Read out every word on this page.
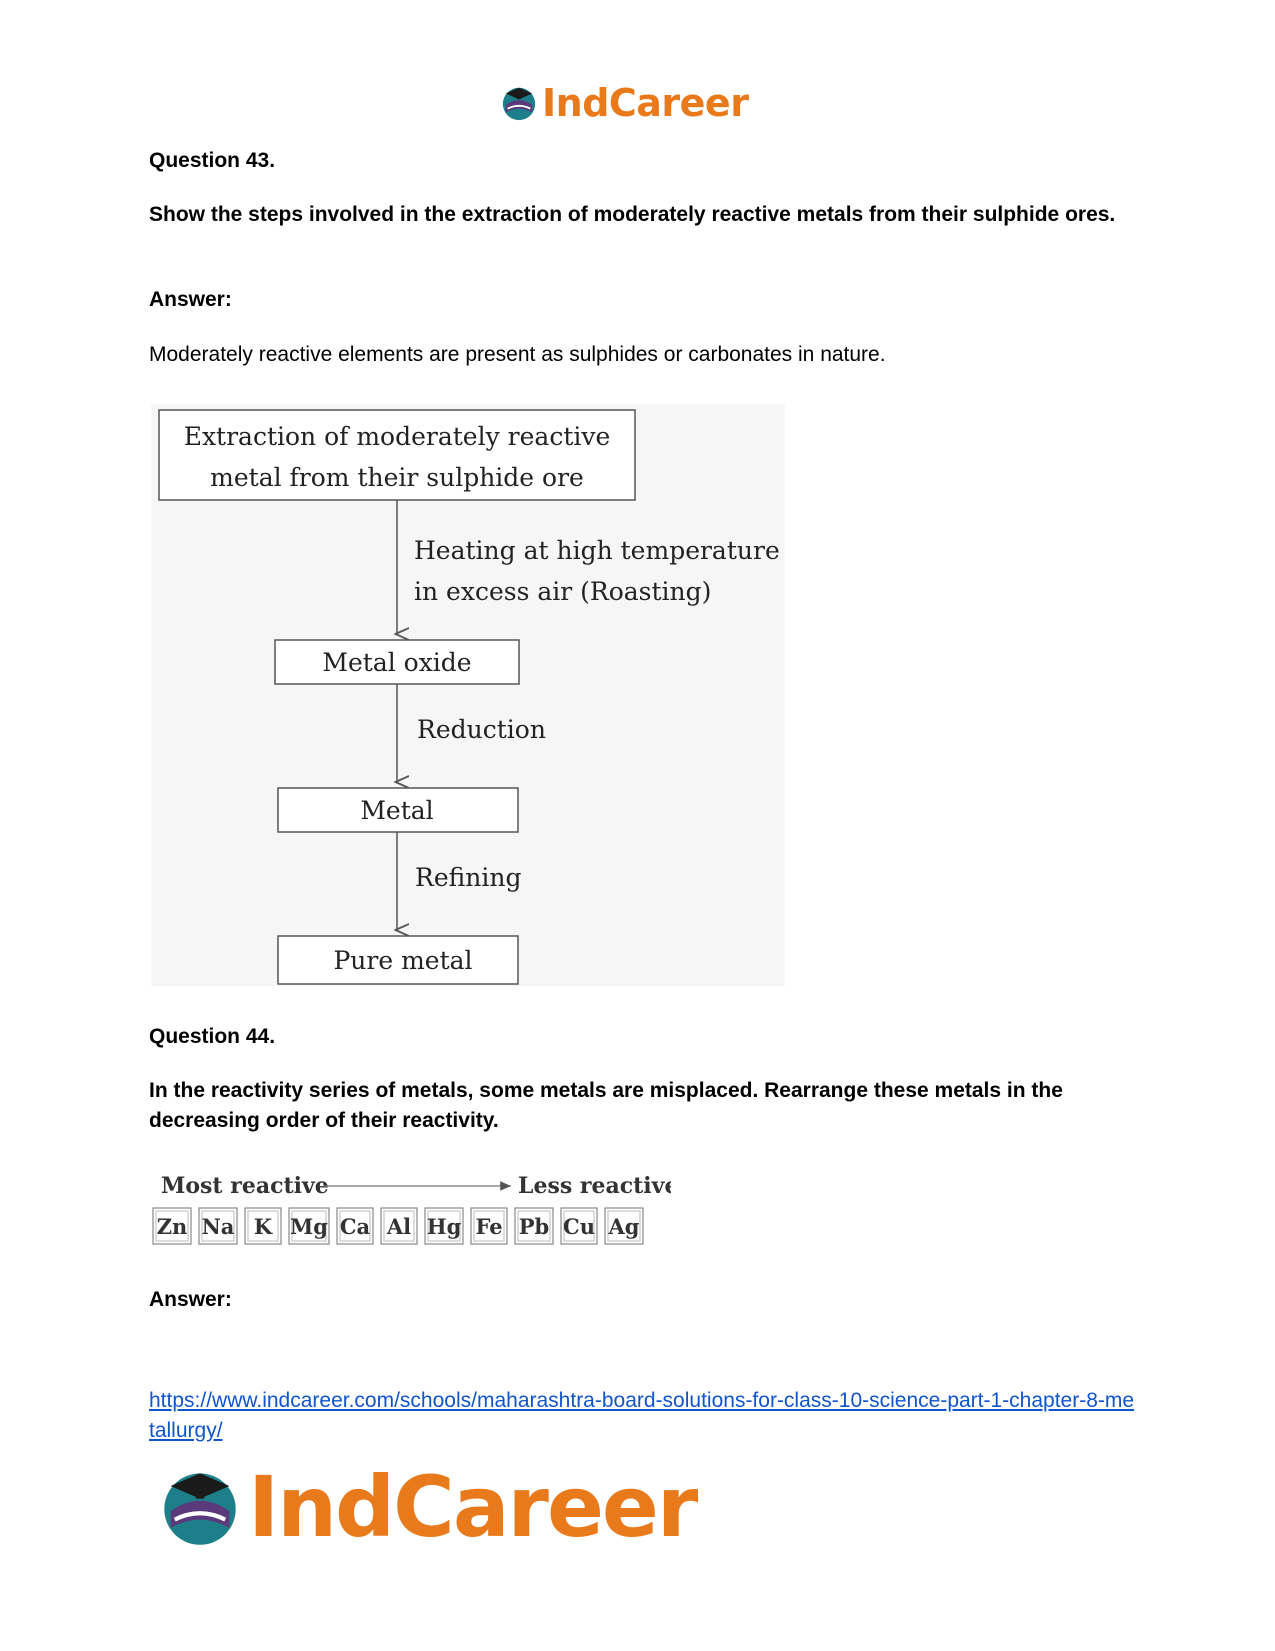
IndCareer
Question 43.
Show the steps involved in the extraction of moderately reactive metals from their sulphide ores.
Answer:
Moderately reactive elements are present as sulphides or carbonates in nature.
Extraction of moderately reactive
metal from their sulphide ore
Heating at high temperature
in excess air (Roasting)
Metal oxide
Reduction
Metal
Refining
Pure metal
Question 44.
In the reactivity series of metals, some metals are misplaced. Rearrange these metals in the decreasing order of their reactivity.
Most reactive	Less reactive
Zn Na K Mg Ca Al Hg Fe Pb Cu Ag
Answer:
https://www.indcareer.com/schools/maharashtra-board-solutions-for-class-10-science-part-1-chapter-8-metallurgy/
IndCareer
